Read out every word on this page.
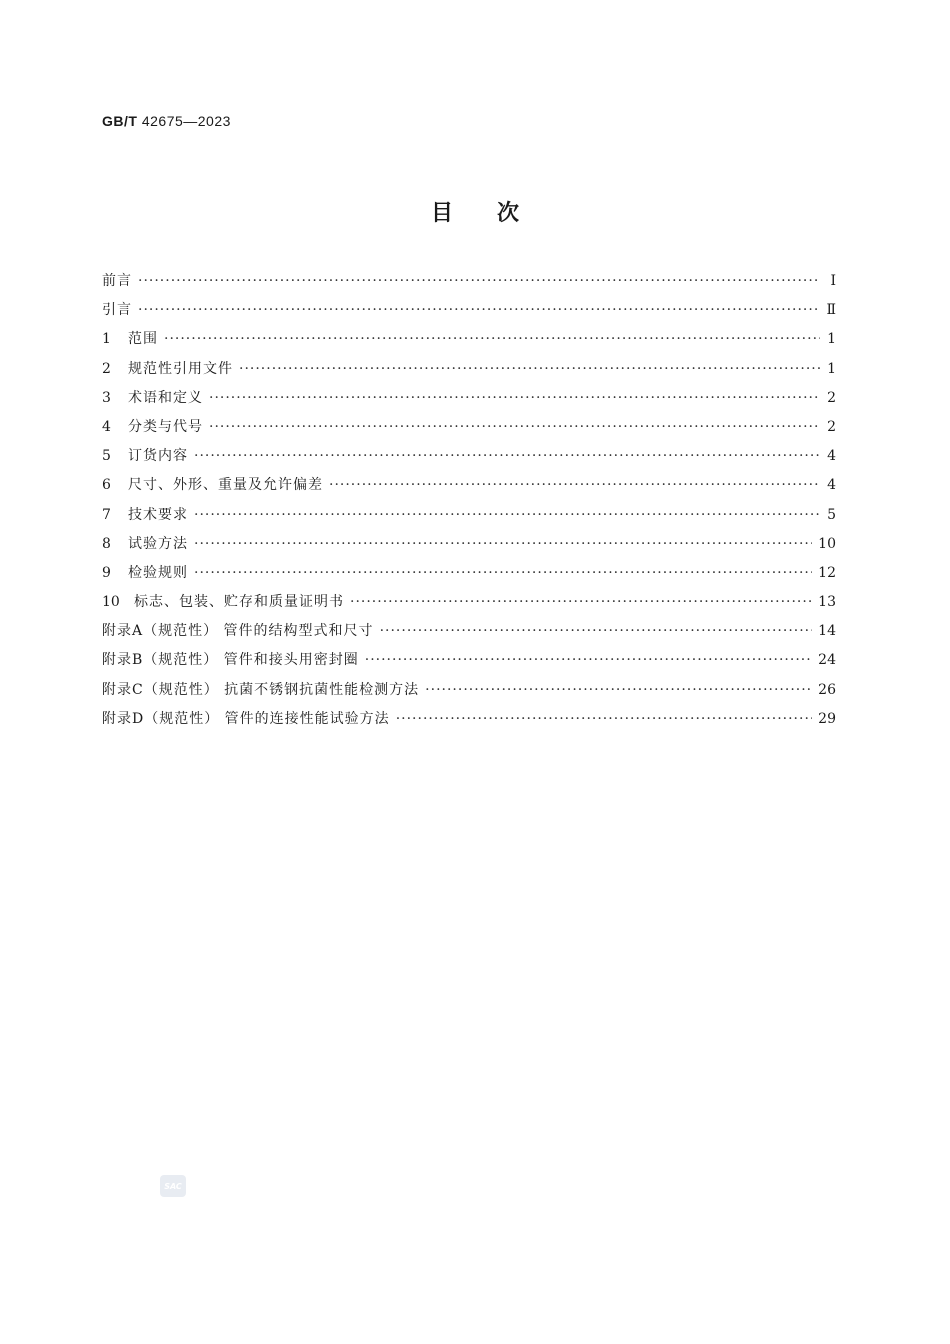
GB/T 42675—2023
目次
前言 ·····	Ⅰ
引言 ·····	Ⅱ
1	范围 ·····	1
2	规范性引用文件 ·····	1
3	术语和定义 ·····	2
4	分类与代号 ·····	2
5	订货内容 ·····	4
6	尺寸、外形、重量及允许偏差 ·····	4
7	技术要求 ·····	5
8	试验方法 ·····	10
9	检验规则 ·····	12
10	标志、包装、贮存和质量证明书 ·····	13
附录A（规范性） 管件的结构型式和尺寸 ·····	14
附录B（规范性） 管件和接头用密封圈 ·····	24
附录C（规范性） 抗菌不锈钢抗菌性能检测方法 ·····	26
附录D（规范性） 管件的连接性能试验方法 ·····	29
SAC
